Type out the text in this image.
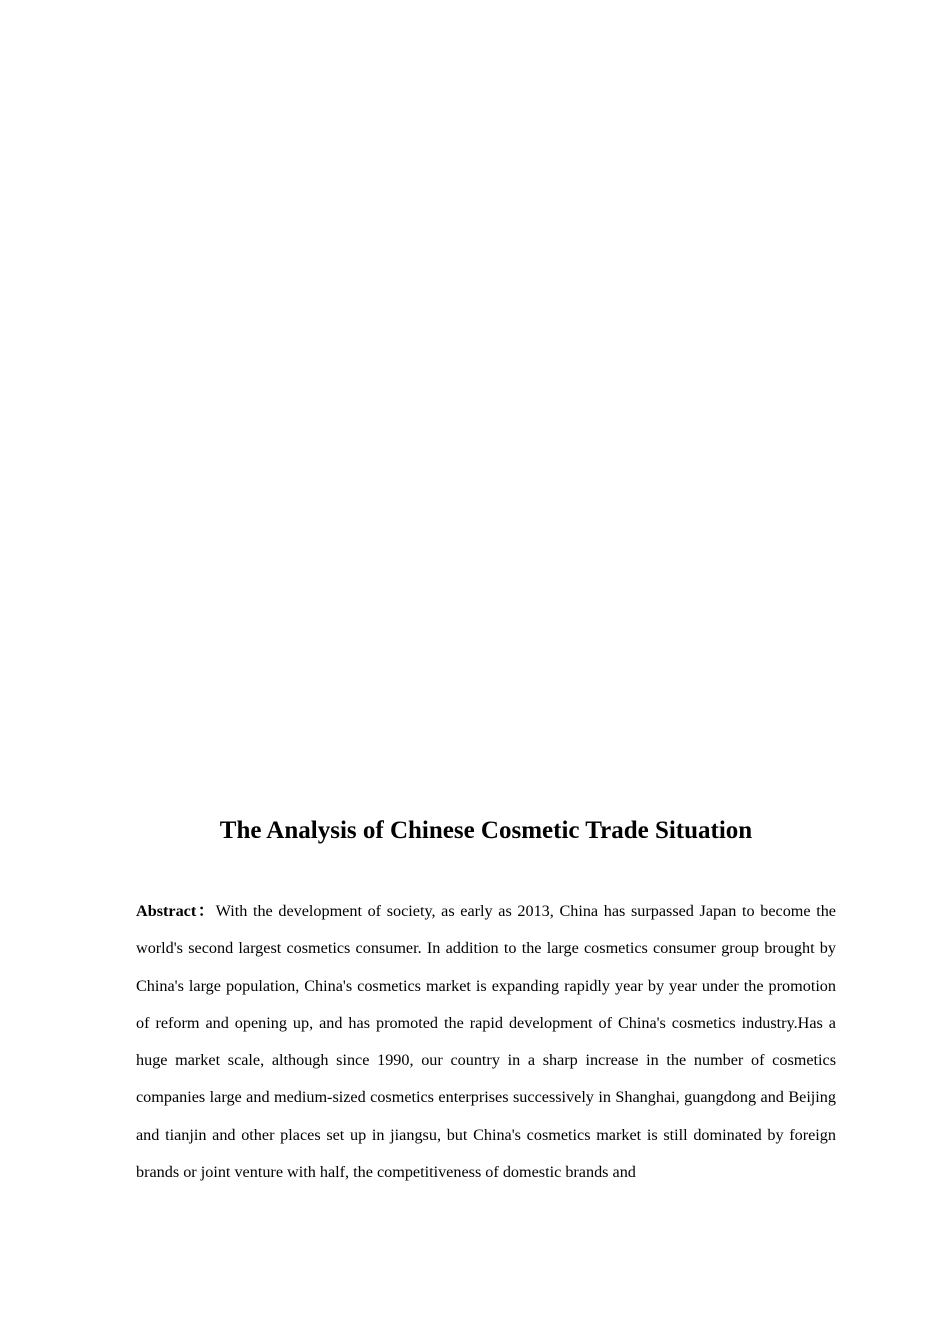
The Analysis of Chinese Cosmetic Trade Situation

Abstract：With the development of society, as early as 2013, China has surpassed Japan to become the world's second largest cosmetics consumer. In addition to the large cosmetics consumer group brought by China's large population, China's cosmetics market is expanding rapidly year by year under the promotion of reform and opening up, and has promoted the rapid development of China's cosmetics industry.Has a huge market scale, although since 1990, our country in a sharp increase in the number of cosmetics companies large and medium-sized cosmetics enterprises successively in Shanghai, guangdong and Beijing and tianjin and other places set up in jiangsu, but China's cosmetics market is still dominated by foreign brands or joint venture with half, the competitiveness of domestic brands and
